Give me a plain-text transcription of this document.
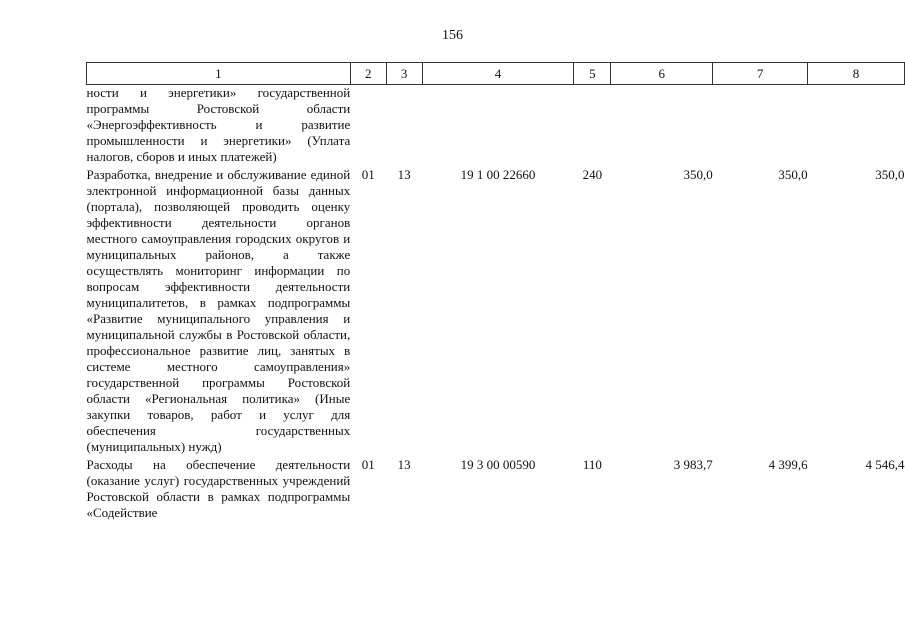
156
1	2	3	4	5	6	7	8
ности и энергетики» государственной программы Ростовской области «Энергоэффективность и развитие промышленности и энергетики» (Уплата налогов, сборов и иных платежей)							
Разработка, внедрение и обслуживание единой электронной информационной базы данных (портала), позволяющей проводить оценку эффективности деятельности органов местного самоуправления городских округов и муниципальных районов, а также осуществлять мониторинг информации по вопросам эффективности деятельности муниципалитетов, в рамках подпрограммы «Развитие муниципального управления и муниципальной службы в Ростовской области, профессиональное развитие лиц, занятых в системе местного самоуправления» государственной программы Ростовской области «Региональная политика» (Иные закупки товаров, работ и услуг для обеспечения государственных (муниципальных) нужд)	01	13	19 1 00 22660	240	350,0	350,0	350,0
Расходы на обеспечение деятельности (оказание услуг) государственных учреждений Ростовской области в рамках подпрограммы «Содействие	01	13	19 3 00 00590	110	3 983,7	4 399,6	4 546,4
